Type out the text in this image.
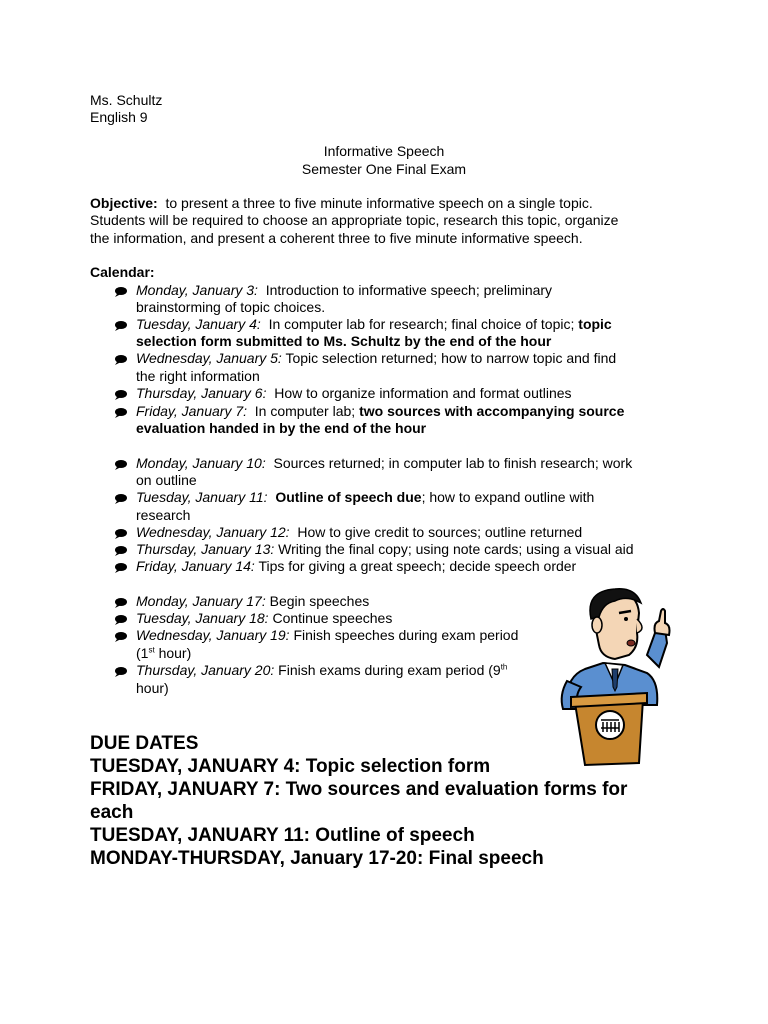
Ms. Schultz
English 9
Informative Speech
Semester One Final Exam
Objective: to present a three to five minute informative speech on a single topic.
Students will be required to choose an appropriate topic, research this topic, organize
the information, and present a coherent three to five minute informative speech.
Calendar:
Monday, January 3: Introduction to informative speech; preliminary
brainstorming of topic choices.
Tuesday, January 4: In computer lab for research; final choice of topic; topic
selection form submitted to Ms. Schultz by the end of the hour
Wednesday, January 5: Topic selection returned; how to narrow topic and find
the right information
Thursday, January 6: How to organize information and format outlines
Friday, January 7: In computer lab; two sources with accompanying source
evaluation handed in by the end of the hour
Monday, January 10: Sources returned; in computer lab to finish research; work
on outline
Tuesday, January 11: Outline of speech due; how to expand outline with
research
Wednesday, January 12: How to give credit to sources; outline returned
Thursday, January 13: Writing the final copy; using note cards; using a visual aid
Friday, January 14: Tips for giving a great speech; decide speech order
Monday, January 17: Begin speeches
Tuesday, January 18: Continue speeches
Wednesday, January 19: Finish speeches during exam period
(1st hour)
Thursday, January 20: Finish exams during exam period (9th
hour)
DUE DATES
TUESDAY, JANUARY 4: Topic selection form
FRIDAY, JANUARY 7: Two sources and evaluation forms for
each
TUESDAY, JANUARY 11: Outline of speech
MONDAY-THURSDAY, January 17-20: Final speech
